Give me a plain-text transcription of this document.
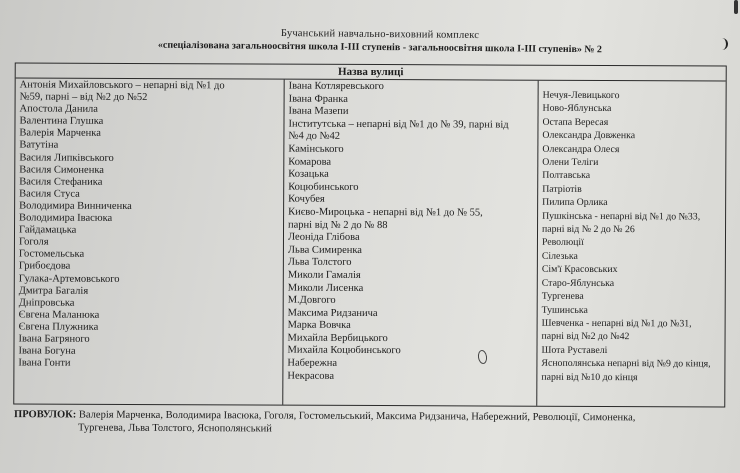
Бучанський навчально-виховний комплекс
«спеціалізована загальноосвітня школа І-ІІІ ступенів - загальноосвітня школа І-ІІІ ступенів» № 2
Назва вулиці
Антонія Михайловського – непарні від №1 до
№59, парні – від №2 до №52
Апостола Данила
Валентина Глушка
Валерія Марченка
Ватутіна
Василя Липківського
Василя Симоненка
Василя Стефаника
Василя Стуса
Володимира Винниченка
Володимира Івасюка
Гайдамацька
Гоголя
Гостомельська
Грибоєдова
Гулака-Артемовського
Дмитра Багалія
Дніпровська
Євгена Маланюка
Євгена Плужника
Івана Багряного
Івана Богуна
Івана Гонти
Івана Котляревського
Івана Франка
Івана Мазепи
Інститутська – непарні від №1 до № 39, парні від
№4 до №42
Камінського
Комарова
Козацька
Коцюбинського
Кочубея
Києво-Мироцька - непарні від №1 до № 55,
парні від № 2 до № 88
Леоніда Глібова
Льва Симиренка
Льва Толстого
Миколи Гамалія
Миколи Лисенка
М.Довгого
Максима Ридзанича
Марка Вовчка
Михайла Вербицького
Михайла Коцюбинського
Набережна
Некрасова
Нечуя-Левицького
Ново-Яблунська
Остапа Вересая
Олександра Довженка
Олександра Олеся
Олени Теліги
Полтавська
Патріотів
Пилипа Орлика
Пушкінська - непарні від №1 до №33,
парні від № 2 до № 26
Революції
Сілезька
Сім'ї Красовських
Старо-Яблунська
Тургенева
Тушинська
Шевченка - непарні від №1 до №31,
парні від №2 до №42
Шота Руставелі
Яснополянська непарні від №9 до кінця,
парні від №10 до кінця
ПРОВУЛОК: Валерія Марченка, Володимира Івасюка, Гоголя, Гостомельський, Максима Ридзанича, Набережний, Революції, Симоненка,
Тургенева, Льва Толстого, Яснополянський
